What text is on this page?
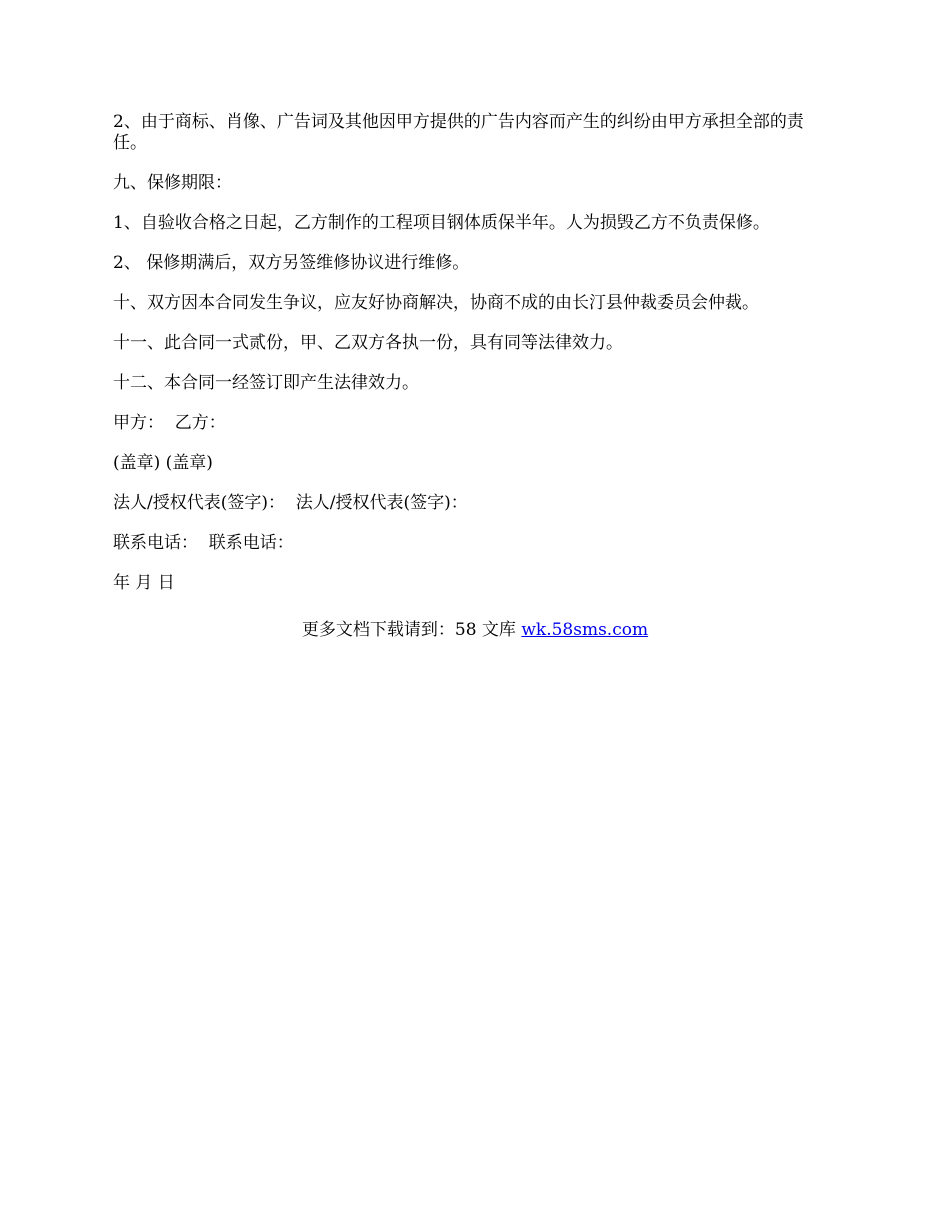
2、由于商标、肖像、广告词及其他因甲方提供的广告内容而产生的纠纷由甲方承担全部的责任。

九、保修期限：

1、自验收合格之日起，乙方制作的工程项目钢体质保半年。人为损毁乙方不负责保修。

2、 保修期满后，双方另签维修协议进行维修。

十、双方因本合同发生争议，应友好协商解决，协商不成的由长汀县仲裁委员会仲裁。

十一、此合同一式贰份，甲、乙双方各执一份，具有同等法律效力。

十二、本合同一经签订即产生法律效力。

甲方：  乙方：

(盖章) (盖章)

法人/授权代表(签字)：  法人/授权代表(签字)：

联系电话：  联系电话：

年 月 日

更多文档下载请到：58 文库 wk.58sms.com
